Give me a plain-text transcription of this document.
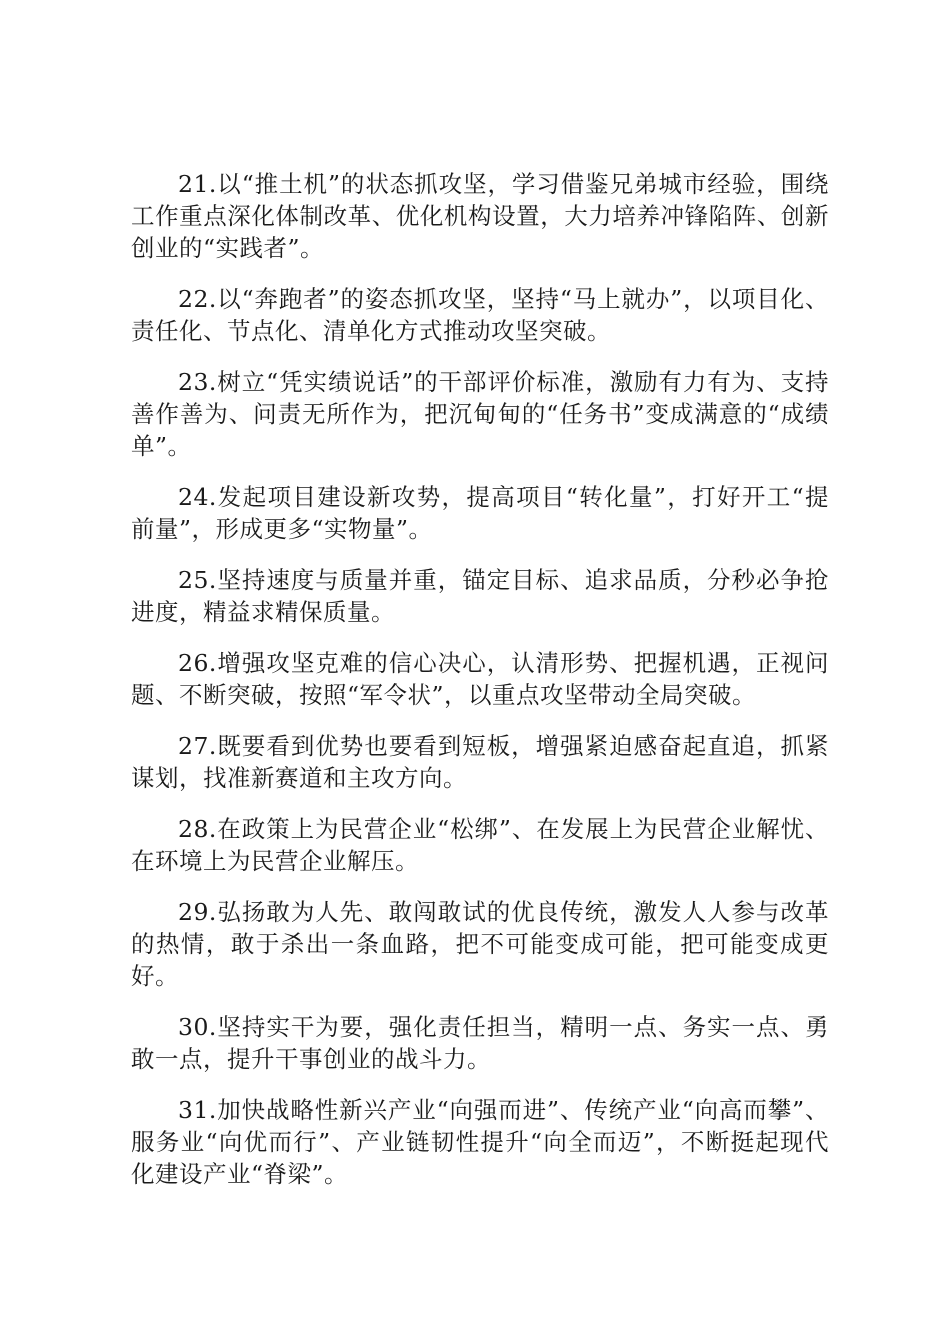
21.以“推土机”的状态抓攻坚，学习借鉴兄弟城市经验，围绕工作重点深化体制改革、优化机构设置，大力培养冲锋陷阵、创新创业的“实践者”。

22.以“奔跑者”的姿态抓攻坚，坚持“马上就办”，以项目化、责任化、节点化、清单化方式推动攻坚突破。

23.树立“凭实绩说话”的干部评价标准，激励有力有为、支持善作善为、问责无所作为，把沉甸甸的“任务书”变成满意的“成绩单”。

24.发起项目建设新攻势，提高项目“转化量”，打好开工“提前量”，形成更多“实物量”。

25.坚持速度与质量并重，锚定目标、追求品质，分秒必争抢进度，精益求精保质量。

26.增强攻坚克难的信心决心，认清形势、把握机遇，正视问题、不断突破，按照“军令状”，以重点攻坚带动全局突破。

27.既要看到优势也要看到短板，增强紧迫感奋起直追，抓紧谋划，找准新赛道和主攻方向。

28.在政策上为民营企业“松绑”、在发展上为民营企业解忧、在环境上为民营企业解压。

29.弘扬敢为人先、敢闯敢试的优良传统，激发人人参与改革的热情，敢于杀出一条血路，把不可能变成可能，把可能变成更好。

30.坚持实干为要，强化责任担当，精明一点、务实一点、勇敢一点，提升干事创业的战斗力。

31.加快战略性新兴产业“向强而进”、传统产业“向高而攀”、服务业“向优而行”、产业链韧性提升“向全而迈”，不断挺起现代化建设产业“脊梁”。
